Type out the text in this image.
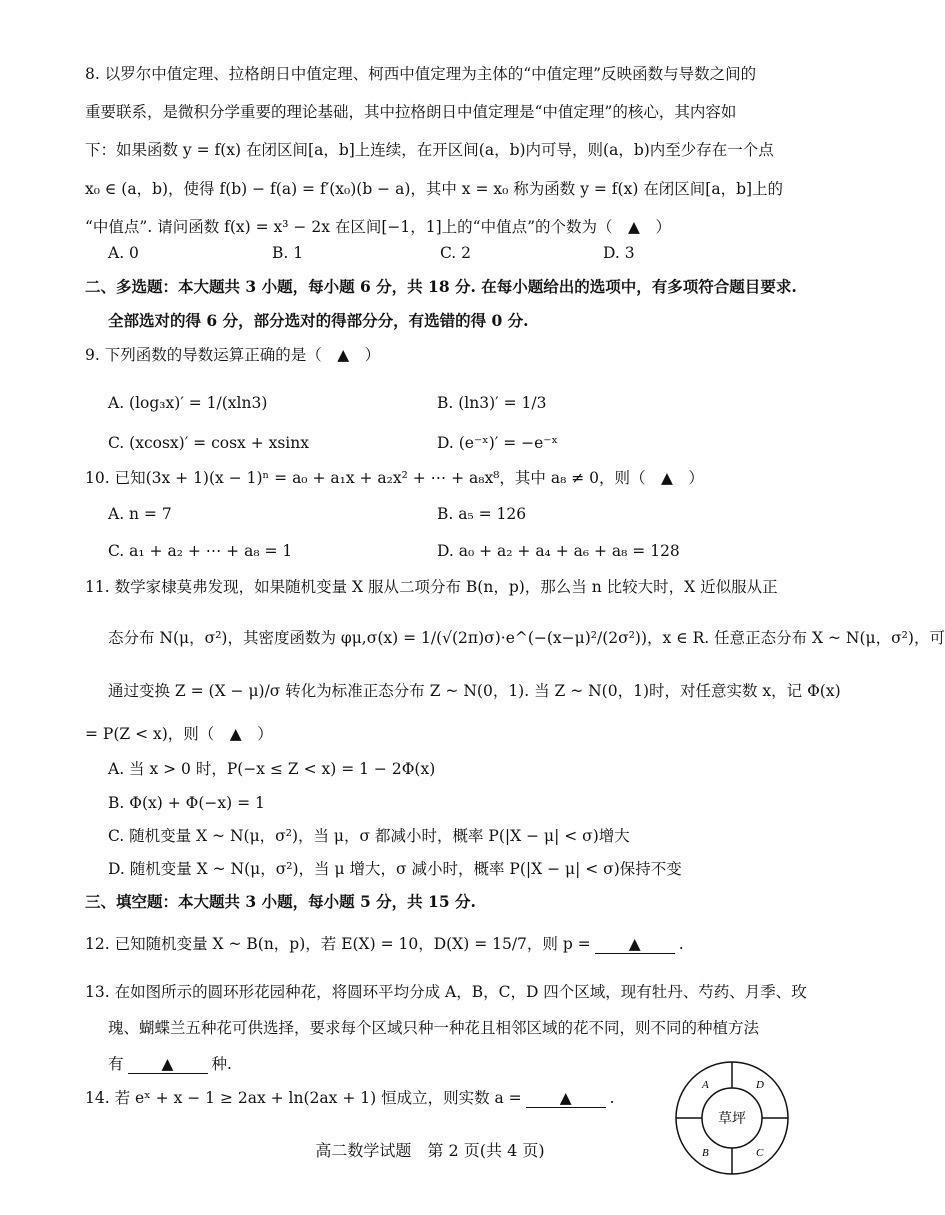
8. 以罗尔中值定理、拉格朗日中值定理、柯西中值定理为主体的“中值定理”反映函数与导数之间的
重要联系，是微积分学重要的理论基础，其中拉格朗日中值定理是“中值定理”的核心，其内容如
下：如果函数 y = f(x) 在闭区间[a，b]上连续，在开区间(a，b)内可导，则(a，b)内至少存在一个点
x₀ ∈ (a，b)，使得 f(b) − f(a) = f′(x₀)(b − a)，其中 x = x₀ 称为函数 y = f(x) 在闭区间[a，b]上的
“中值点”. 请问函数 f(x) = x³ − 2x 在区间[−1，1]上的“中值点”的个数为（　▲　）
A. 0	B. 1	C. 2	D. 3
二、多选题：本大题共 3 小题，每小题 6 分，共 18 分. 在每小题给出的选项中，有多项符合题目要求.
全部选对的得 6 分，部分选对的得部分分，有选错的得 0 分.
9. 下列函数的导数运算正确的是（　▲　）
A. (log₃x)′ = 1/(xln3)	B. (ln3)′ = 1/3
C. (xcosx)′ = cosx + xsinx	D. (e⁻ˣ)′ = −e⁻ˣ
10. 已知(3x + 1)(x − 1)ⁿ = a₀ + a₁x + a₂x² + ⋯ + a₈x⁸，其中 a₈ ≠ 0，则（　▲　）
A. n = 7	B. a₅ = 126
C. a₁ + a₂ + ⋯ + a₈ = 1	D. a₀ + a₂ + a₄ + a₆ + a₈ = 128
11. 数学家棣莫弗发现，如果随机变量 X 服从二项分布 B(n，p)，那么当 n 比较大时，X 近似服从正
态分布 N(μ，σ²)，其密度函数为 φμ,σ(x) = 1/(√(2π)σ)·e^(−(x−μ)²/(2σ²))，x ∈ R. 任意正态分布 X ~ N(μ，σ²)，可
通过变换 Z = (X − μ)/σ 转化为标准正态分布 Z ~ N(0，1). 当 Z ~ N(0，1)时，对任意实数 x，记 Φ(x)
= P(Z < x)，则（　▲　）
A. 当 x > 0 时，P(−x ≤ Z < x) = 1 − 2Φ(x)
B. Φ(x) + Φ(−x) = 1
C. 随机变量 X ~ N(μ，σ²)，当 μ，σ 都减小时，概率 P(|X − μ| < σ)增大
D. 随机变量 X ~ N(μ，σ²)，当 μ 增大，σ 减小时，概率 P(|X − μ| < σ)保持不变
三、填空题：本大题共 3 小题，每小题 5 分，共 15 分.
12. 已知随机变量 X ~ B(n，p)，若 E(X) = 10，D(X) = 15/7，则 p = ▲ .
13. 在如图所示的圆环形花园种花，将圆环平均分成 A，B，C，D 四个区域，现有牡丹、芍药、月季、玫
瑰、蝴蝶兰五种花可供选择，要求每个区域只种一种花且相邻区域的花不同，则不同的种植方法
有 ▲ 种.
14. 若 eˣ + x − 1 ≥ 2ax + ln(2ax + 1) 恒成立，则实数 a = ▲ .
A	D
B	C
草坪
高二数学试题　第 2 页(共 4 页)
